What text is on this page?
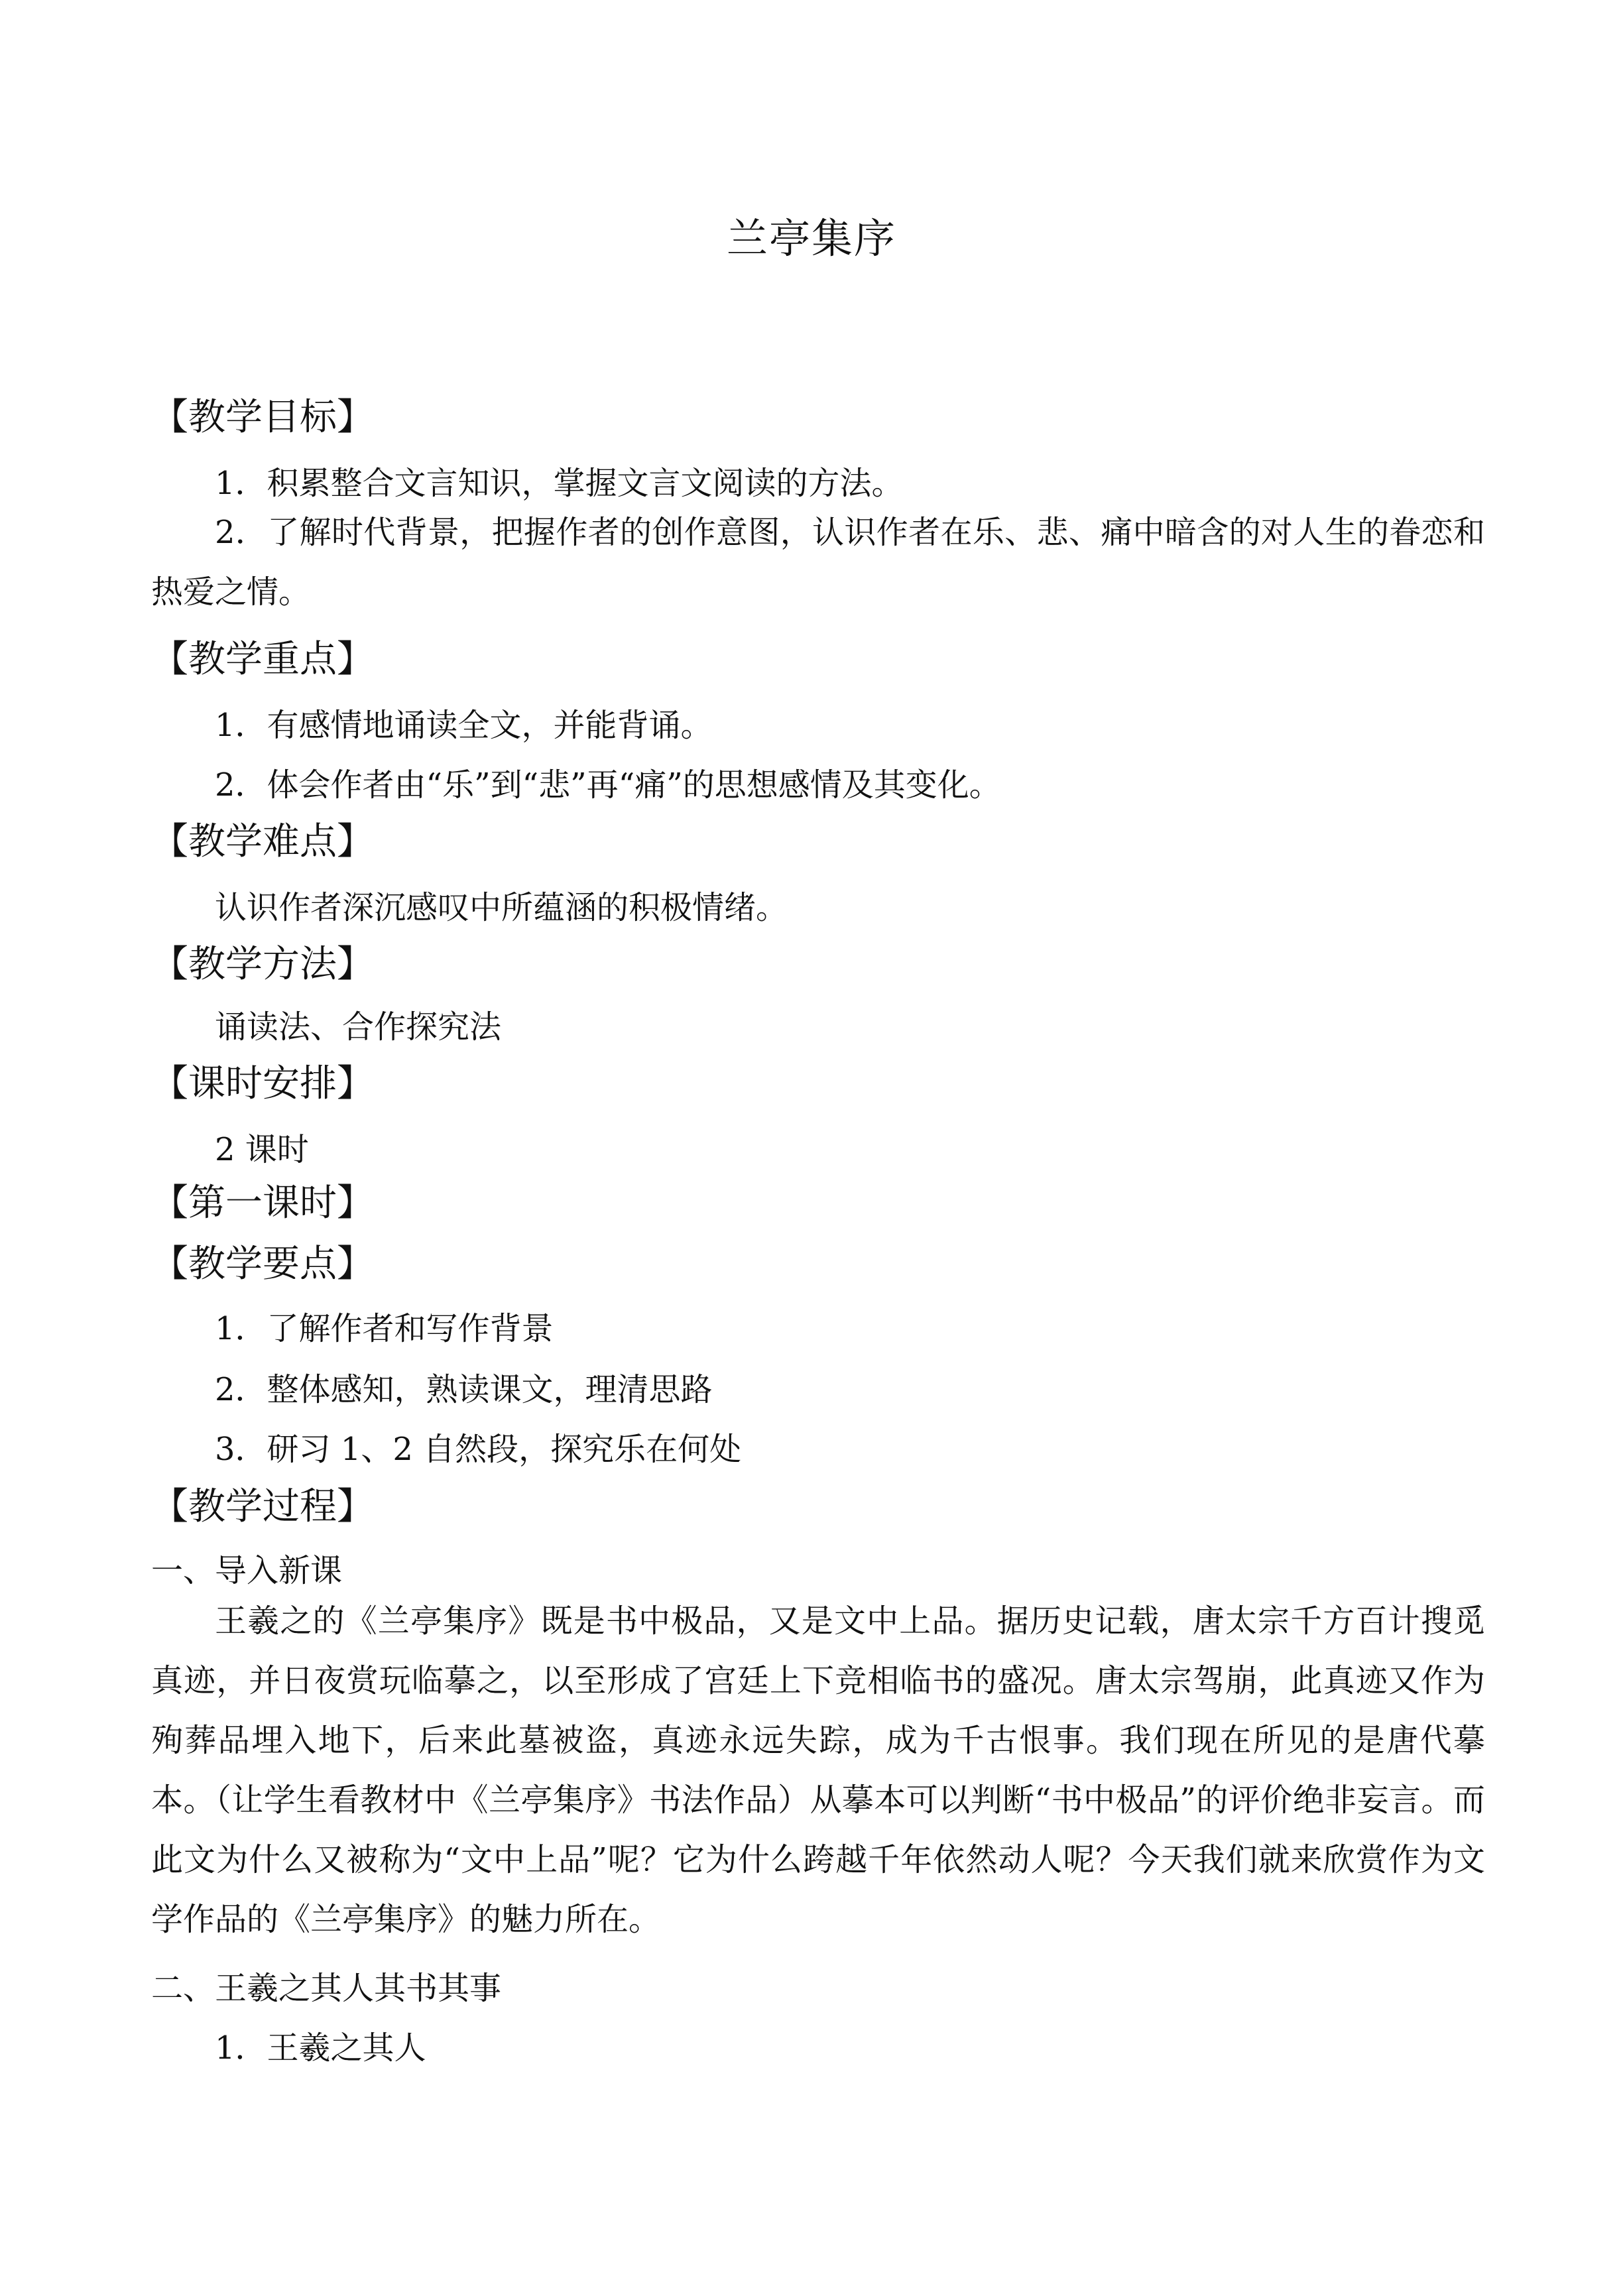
兰亭集序
【教学目标】
1．积累整合文言知识，掌握文言文阅读的方法。
2．了解时代背景，把握作者的创作意图，认识作者在乐、悲、痛中暗含的对人生的眷恋和热爱之情。
【教学重点】
1．有感情地诵读全文，并能背诵。
2．体会作者由“乐”到“悲”再“痛”的思想感情及其变化。
【教学难点】
认识作者深沉感叹中所蕴涵的积极情绪。
【教学方法】
诵读法、合作探究法
【课时安排】
2 课时
【第一课时】
【教学要点】
1．了解作者和写作背景
2．整体感知，熟读课文，理清思路
3．研习 1、2 自然段，探究乐在何处
【教学过程】
一、导入新课
王羲之的《兰亭集序》既是书中极品，又是文中上品。据历史记载，唐太宗千方百计搜觅真迹，并日夜赏玩临摹之，以至形成了宫廷上下竞相临书的盛况。唐太宗驾崩，此真迹又作为殉葬品埋入地下，后来此墓被盗，真迹永远失踪，成为千古恨事。我们现在所见的是唐代摹本。（让学生看教材中《兰亭集序》书法作品）从摹本可以判断“书中极品”的评价绝非妄言。而此文为什么又被称为“文中上品”呢？它为什么跨越千年依然动人呢？今天我们就来欣赏作为文学作品的《兰亭集序》的魅力所在。
二、王羲之其人其书其事
1．王羲之其人
